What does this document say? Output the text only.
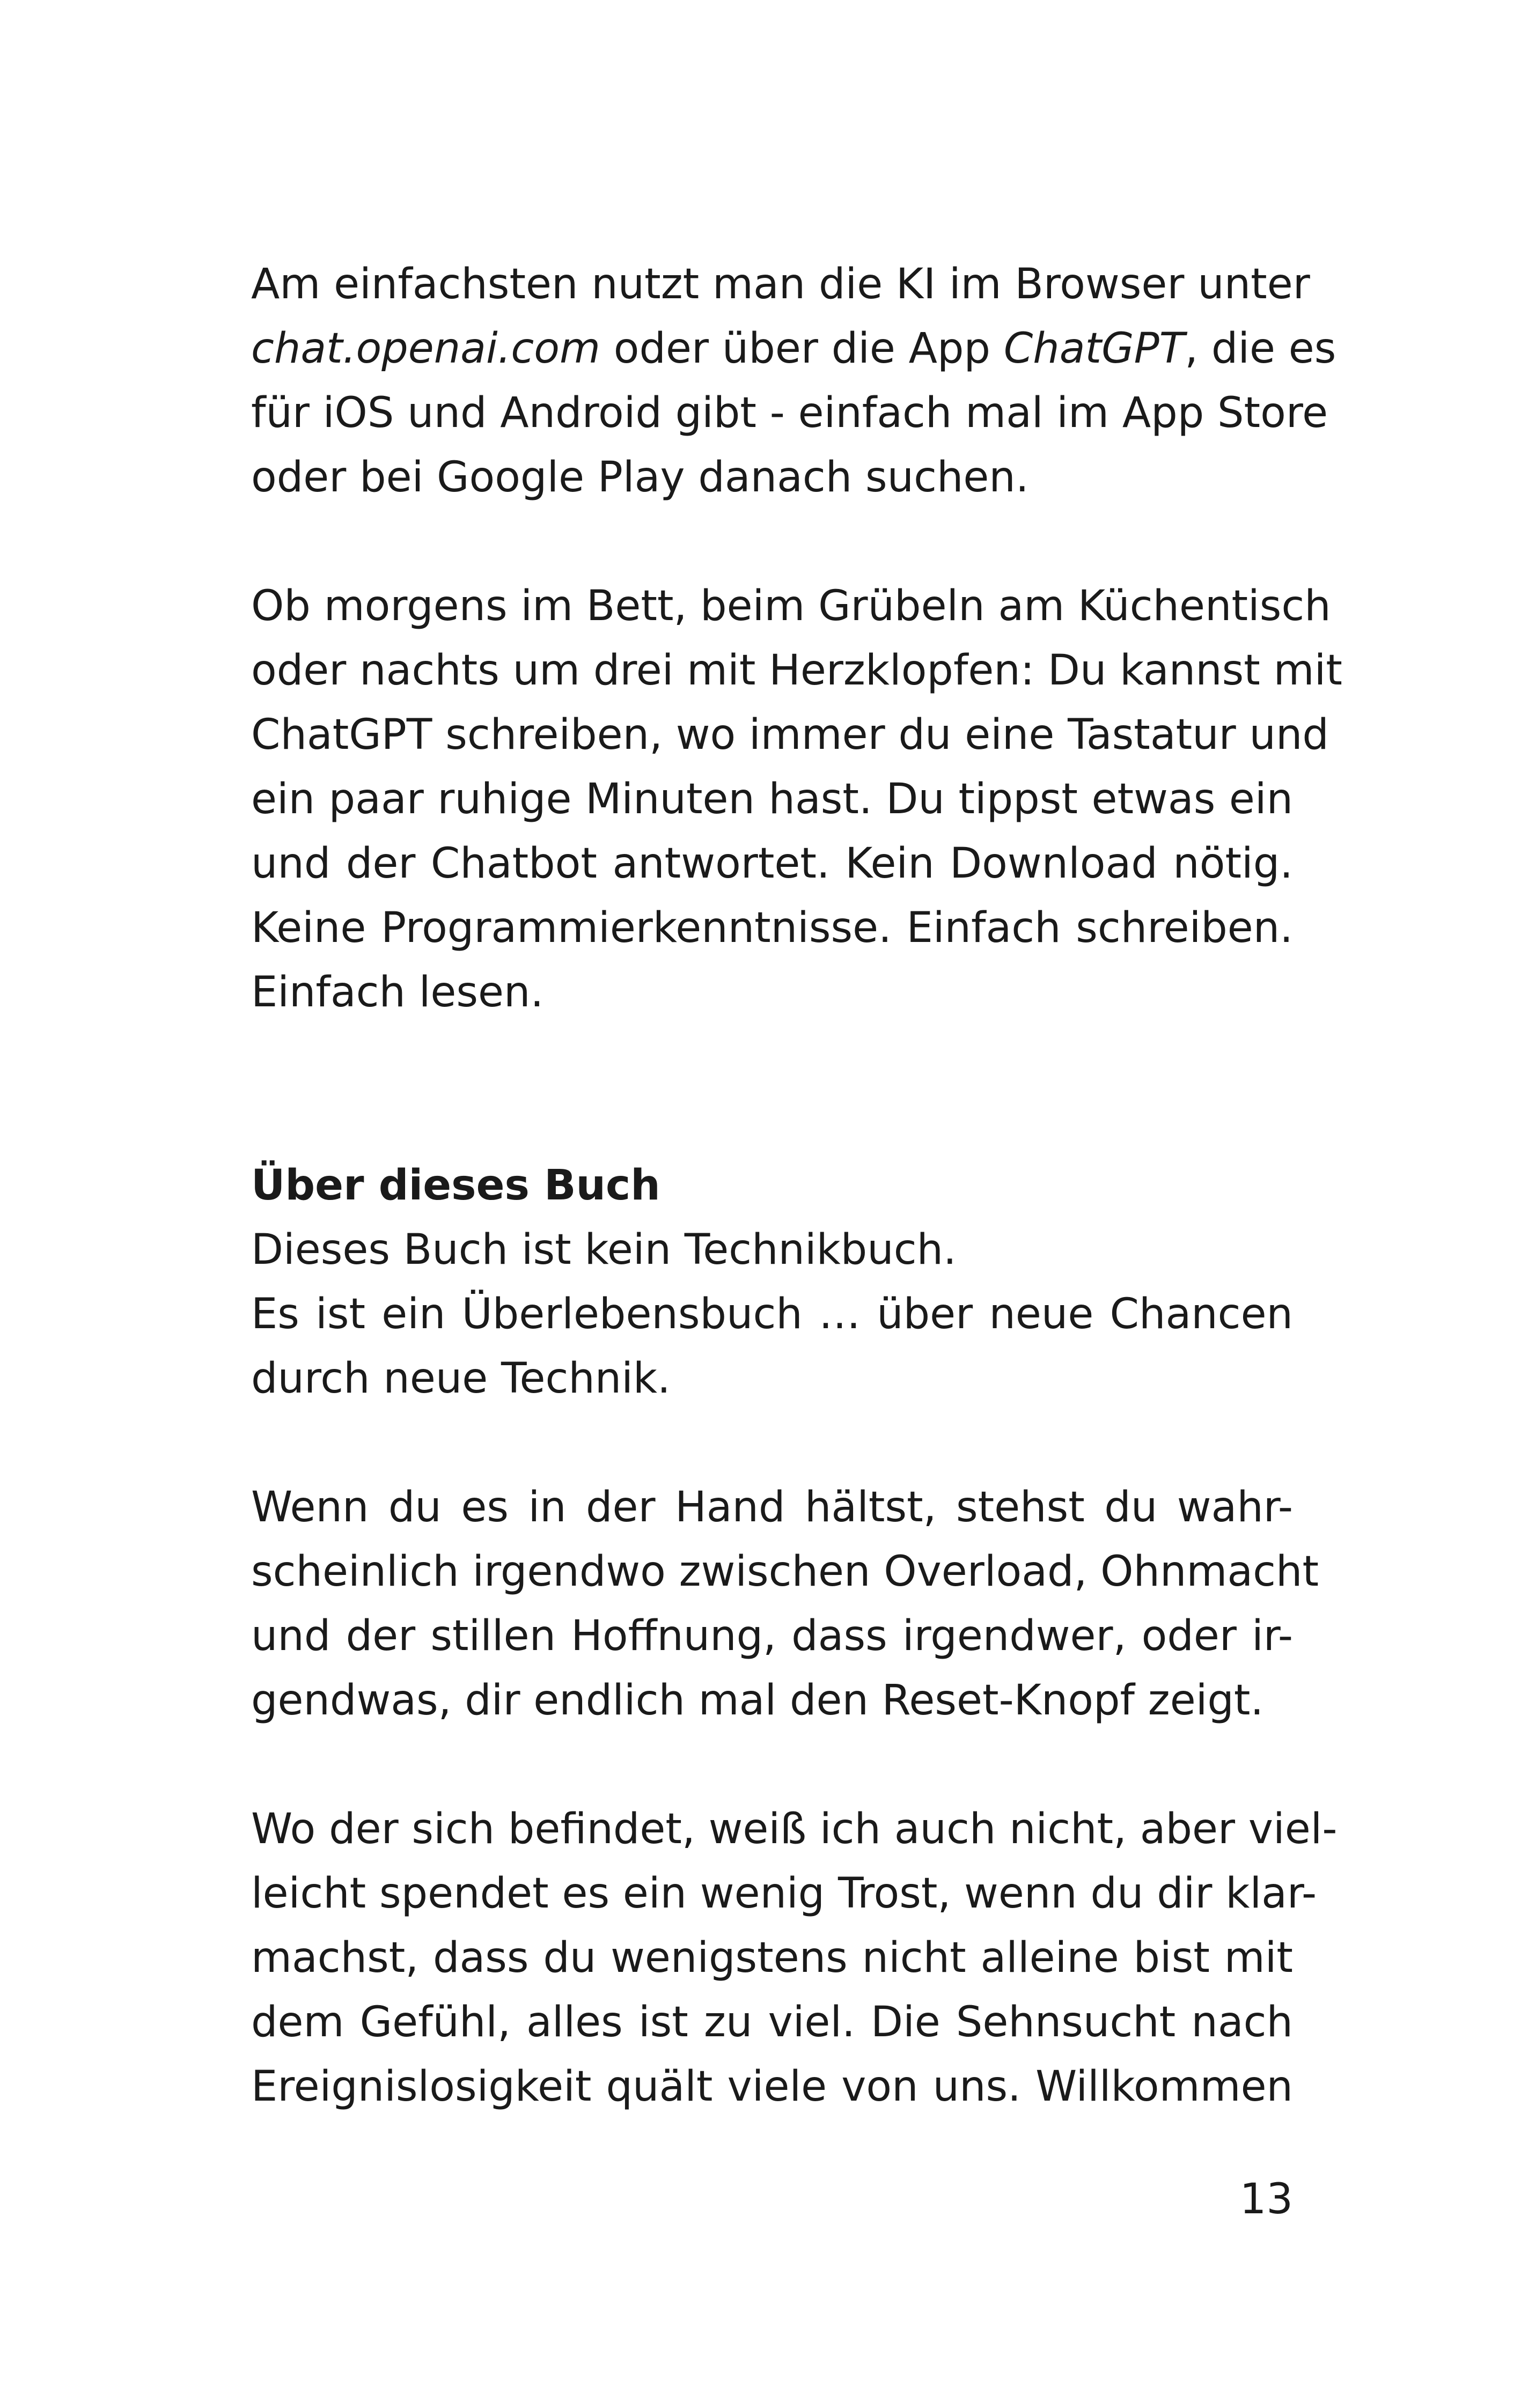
Am einfachsten nutzt man die KI im Browser unter
chat.openai.com oder über die App ChatGPT, die es
für iOS und Android gibt - einfach mal im App Store
oder bei Google Play danach suchen.

Ob morgens im Bett, beim Grübeln am Küchentisch
oder nachts um drei mit Herzklopfen: Du kannst mit
ChatGPT schreiben, wo immer du eine Tastatur und
ein paar ruhige Minuten hast. Du tippst etwas ein
und der Chatbot antwortet. Kein Download nötig.
Keine Programmierkenntnisse. Einfach schreiben.
Einfach lesen.

Über dieses Buch

Dieses Buch ist kein Technikbuch.
Es ist ein Überlebensbuch … über neue Chancen
durch neue Technik.

Wenn du es in der Hand hältst, stehst du wahr-
scheinlich irgendwo zwischen Overload, Ohnmacht
und der stillen Hoffnung, dass irgendwer, oder ir-
gendwas, dir endlich mal den Reset-Knopf zeigt.

Wo der sich befindet, weiß ich auch nicht, aber viel-
leicht spendet es ein wenig Trost, wenn du dir klar-
machst, dass du wenigstens nicht alleine bist mit
dem Gefühl, alles ist zu viel. Die Sehnsucht nach
Ereignislosigkeit quält viele von uns. Willkommen

13
